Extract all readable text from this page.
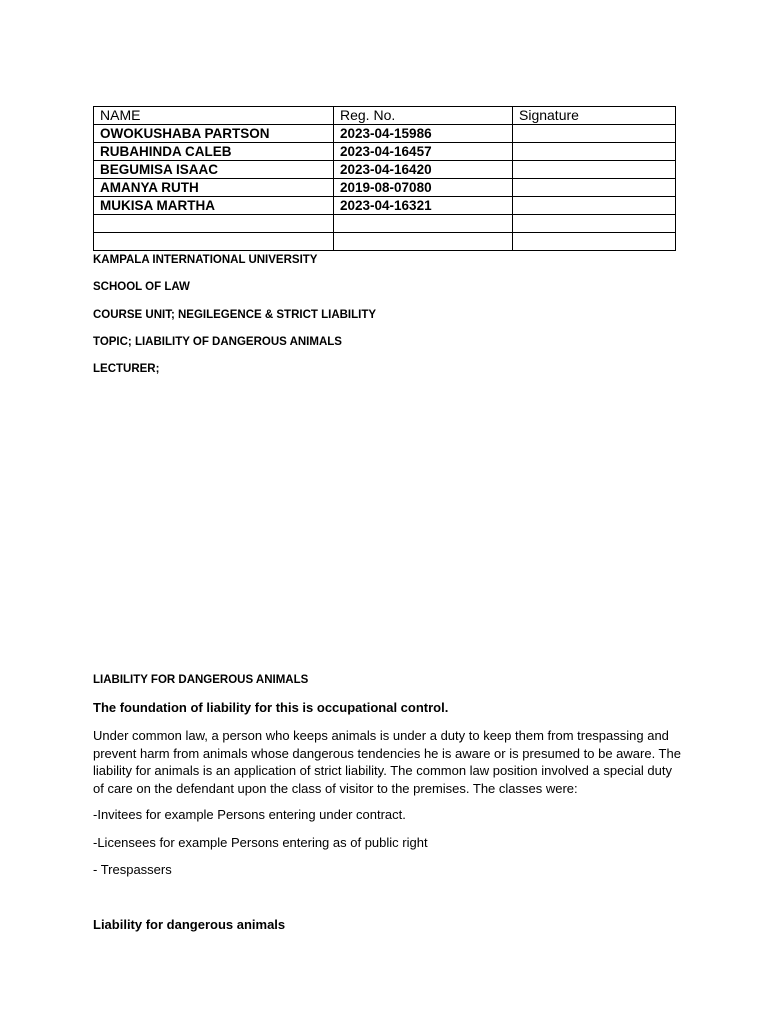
NAME	Reg. No.	Signature
OWOKUSHABA PARTSON	2023-04-15986	
RUBAHINDA CALEB	2023-04-16457	
BEGUMISA ISAAC	2023-04-16420	
AMANYA RUTH	2019-08-07080	
MUKISA MARTHA	2023-04-16321	

KAMPALA INTERNATIONAL UNIVERSITY

SCHOOL OF LAW

COURSE UNIT; NEGILEGENCE & STRICT LIABILITY

TOPIC; LIABILITY OF DANGEROUS ANIMALS

LECTURER;

LIABILITY FOR DANGEROUS ANIMALS

The foundation of liability for this is occupational control.

Under common law, a person who keeps animals is under a duty to keep them from trespassing and prevent harm from animals whose dangerous tendencies he is aware or is presumed to be aware. The liability for animals is an application of strict liability. The common law position involved a special duty of care on the defendant upon the class of visitor to the premises. The classes were:

-Invitees for example Persons entering under contract.

-Licensees for example Persons entering as of public right

- Trespassers

Liability for dangerous animals
